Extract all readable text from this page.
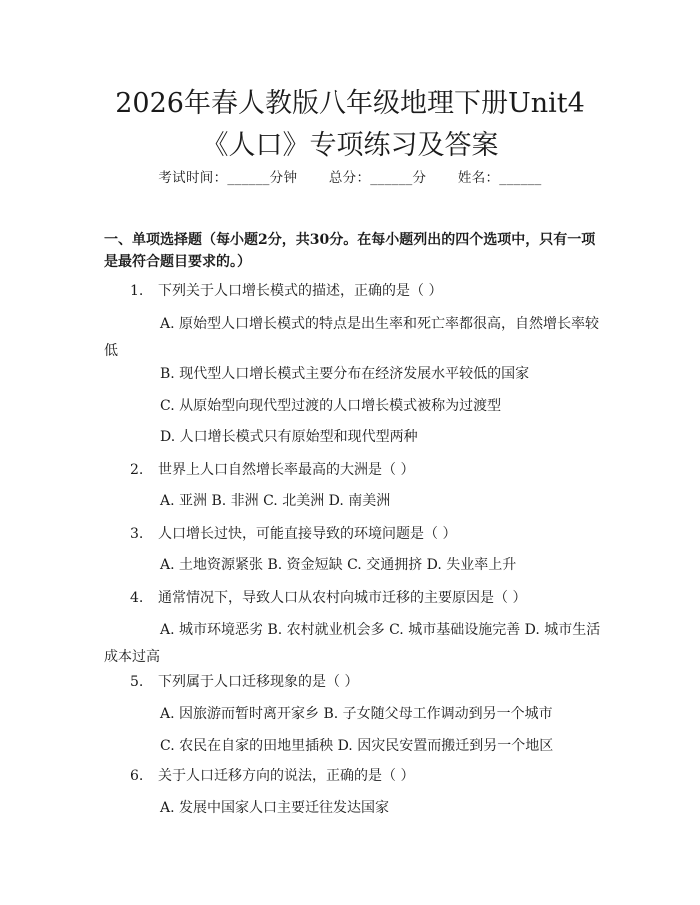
2026年春人教版八年级地理下册Unit4《人口》专项练习及答案
考试时间：______分钟 总分：______分 姓名：______

一、单项选择题（每小题2分，共30分。在每小题列出的四个选项中，只有一项是最符合题目要求的。）

1. 下列关于人口增长模式的描述，正确的是（ ）
A. 原始型人口增长模式的特点是出生率和死亡率都很高，自然增长率较低
B. 现代型人口增长模式主要分布在经济发展水平较低的国家
C. 从原始型向现代型过渡的人口增长模式被称为过渡型
D. 人口增长模式只有原始型和现代型两种
2. 世界上人口自然增长率最高的大洲是（ ）
A. 亚洲 B. 非洲 C. 北美洲 D. 南美洲
3. 人口增长过快，可能直接导致的环境问题是（ ）
A. 土地资源紧张 B. 资金短缺 C. 交通拥挤 D. 失业率上升
4. 通常情况下，导致人口从农村向城市迁移的主要原因是（ ）
A. 城市环境恶劣 B. 农村就业机会多 C. 城市基础设施完善 D. 城市生活成本过高
5. 下列属于人口迁移现象的是（ ）
A. 因旅游而暂时离开家乡 B. 子女随父母工作调动到另一个城市
C. 农民在自家的田地里插秧 D. 因灾民安置而搬迁到另一个地区
6. 关于人口迁移方向的说法，正确的是（ ）
A. 发展中国家人口主要迁往发达国家
